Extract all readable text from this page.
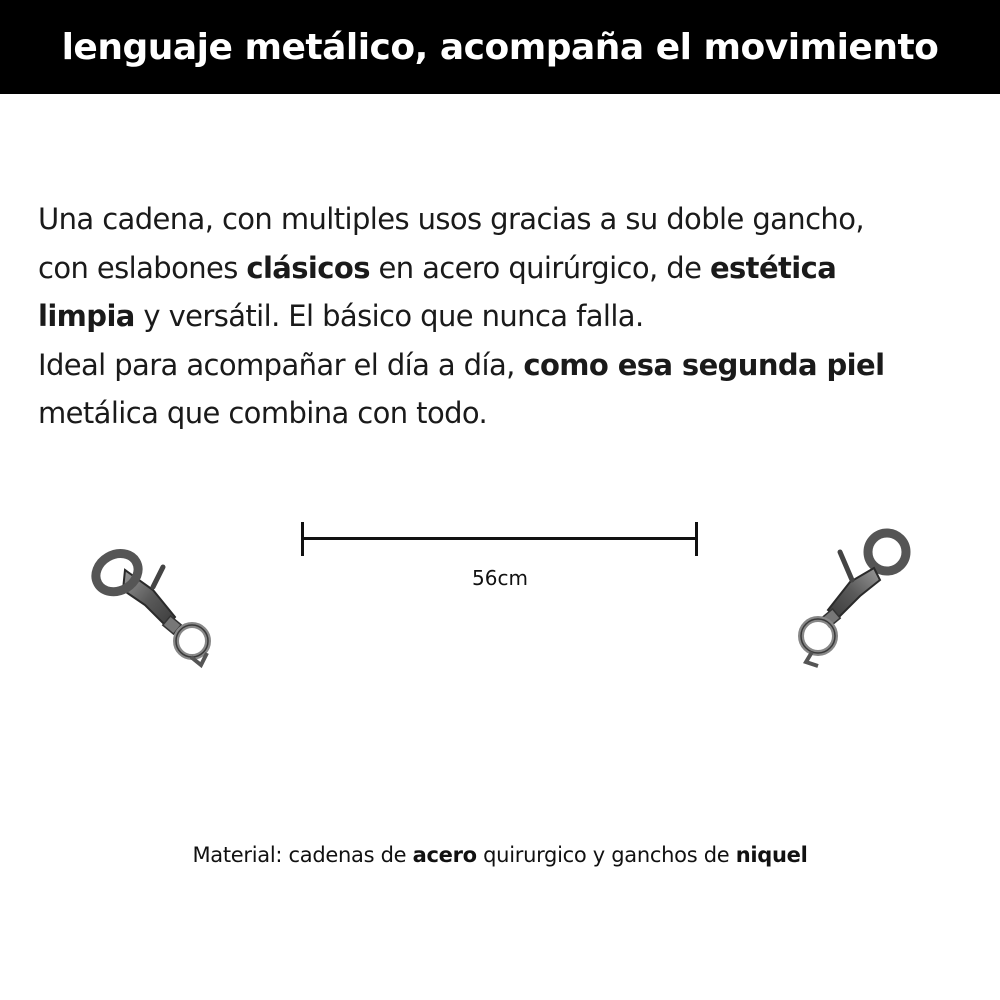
lenguaje metálico, acompaña el movimiento

Una cadena, con multiples usos gracias a su doble gancho,

con eslabones clásicos en acero quirúrgico, de estética

limpia y versátil. El básico que nunca falla.

Ideal para acompañar el día a día, como esa segunda piel

metálica que combina con todo.

56cm
Material: cadenas de acero quirurgico y ganchos de niquel
